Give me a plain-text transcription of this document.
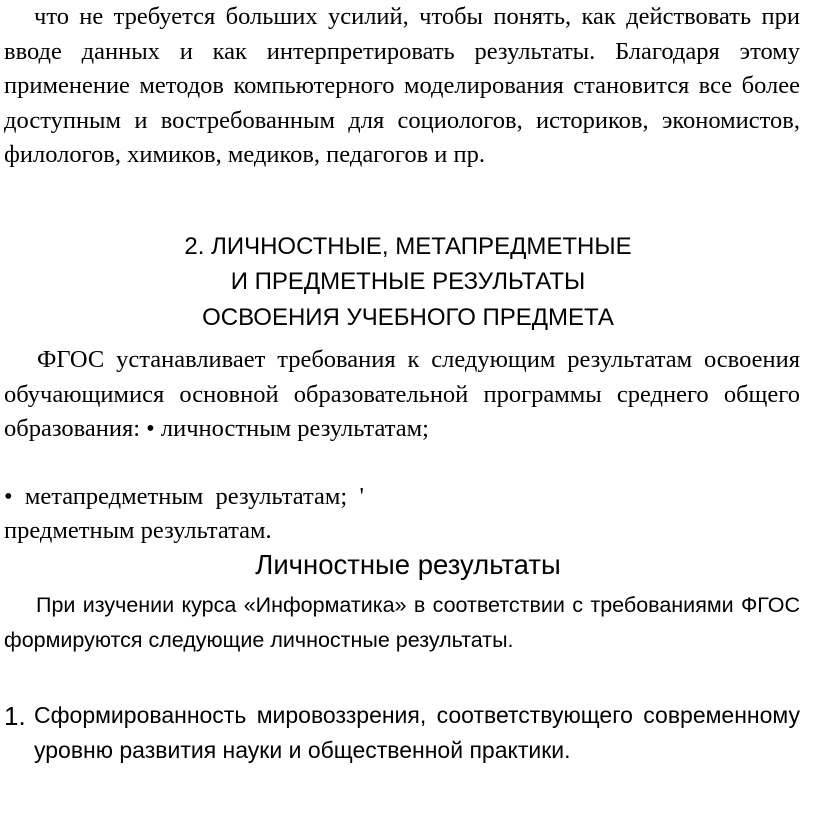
что не требуется больших усилий, чтобы понять, как действовать при вводе данных и как интерпретировать результаты. Благодаря этому применение методов компьютерного моделирования становится все более доступным и востребованным для социологов, историков, экономистов, филологов, химиков, медиков, педагогов и пр.
2. ЛИЧНОСТНЫЕ, МЕТАПРЕДМЕТНЫЕ
И ПРЕДМЕТНЫЕ РЕЗУЛЬТАТЫ
ОСВОЕНИЯ УЧЕБНОГО ПРЕДМЕТА
ФГОС устанавливает требования к следующим результатам освоения обучающимися основной образовательной программы среднего общего образования: • личностным результатам;
•  метапредметным  результатам;  '
предметным результатам.
Личностные результаты
При изучении курса «Информатика» в соответствии с требованиями ФГОС формируются следующие личностные результаты.
1. Сформированность мировоззрения, соответствующего современному уровню развития науки и общественной практики.
